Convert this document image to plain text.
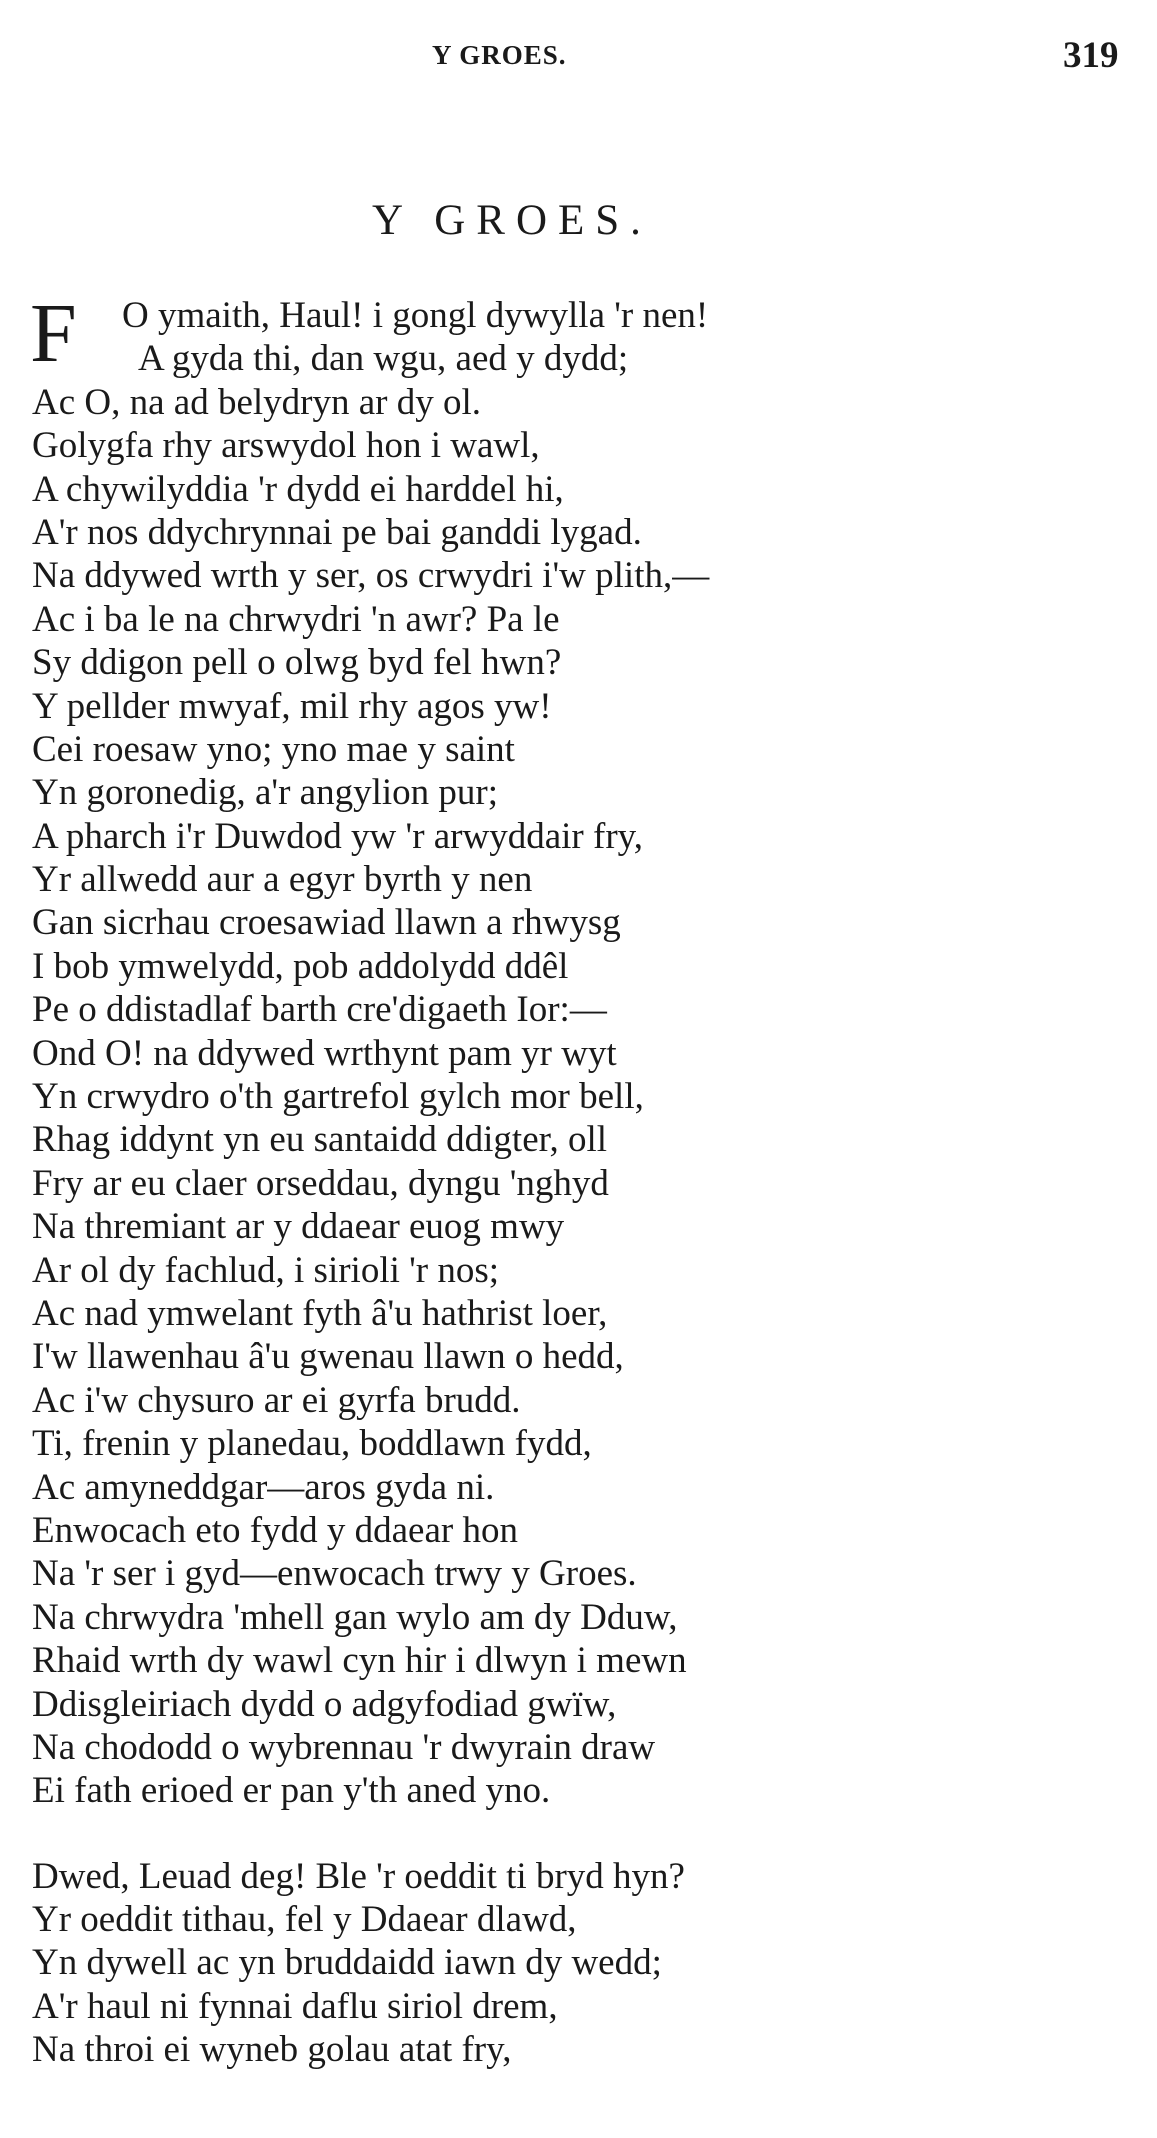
Y GROES.	319
Y GROES.
F O ymaith, Haul! i gongl dywylla 'r nen!
A gyda thi, dan wgu, aed y dydd;
Ac O, na ad belydryn ar dy ol.
Golygfa rhy arswydol hon i wawl,
A chywilyddia 'r dydd ei harddel hi,
A'r nos ddychrynnai pe bai ganddi lygad.
Na ddywed wrth y ser, os crwydri i'w plith,—
Ac i ba le na chrwydri 'n awr? Pa le
Sy ddigon pell o olwg byd fel hwn?
Y pellder mwyaf, mil rhy agos yw!
Cei roesaw yno; yno mae y saint
Yn goronedig, a'r angylion pur;
A pharch i'r Duwdod yw 'r arwyddair fry,
Yr allwedd aur a egyr byrth y nen
Gan sicrhau croesawiad llawn a rhwysg
I bob ymwelydd, pob addolydd ddêl
Pe o ddistadlaf barth cre'digaeth Ior:—
Ond O! na ddywed wrthynt pam yr wyt
Yn crwydro o'th gartrefol gylch mor bell,
Rhag iddynt yn eu santaidd ddigter, oll
Fry ar eu claer orseddau, dyngu 'nghyd
Na thremiant ar y ddaear euog mwy
Ar ol dy fachlud, i sirioli 'r nos;
Ac nad ymwelant fyth â'u hathrist loer,
I'w llawenhau â'u gwenau llawn o hedd,
Ac i'w chysuro ar ei gyrfa brudd.
Ti, frenin y planedau, boddlawn fydd,
Ac amyneddgar—aros gyda ni.
Enwocach eto fydd y ddaear hon
Na 'r ser i gyd—enwocach trwy y Groes.
Na chrwydra 'mhell gan wylo am dy Dduw,
Rhaid wrth dy wawl cyn hir i dlwyn i mewn
Ddisgleiriach dydd o adgyfodiad gwïw,
Na chododd o wybrennau 'r dwyrain draw
Ei fath erioed er pan y'th aned yno.
Dwed, Leuad deg! Ble 'r oeddit ti bryd hyn?
Yr oeddit tithau, fel y Ddaear dlawd,
Yn dywell ac yn bruddaidd iawn dy wedd;
A'r haul ni fynnai daflu siriol drem,
Na throi ei wyneb golau atat fry,
